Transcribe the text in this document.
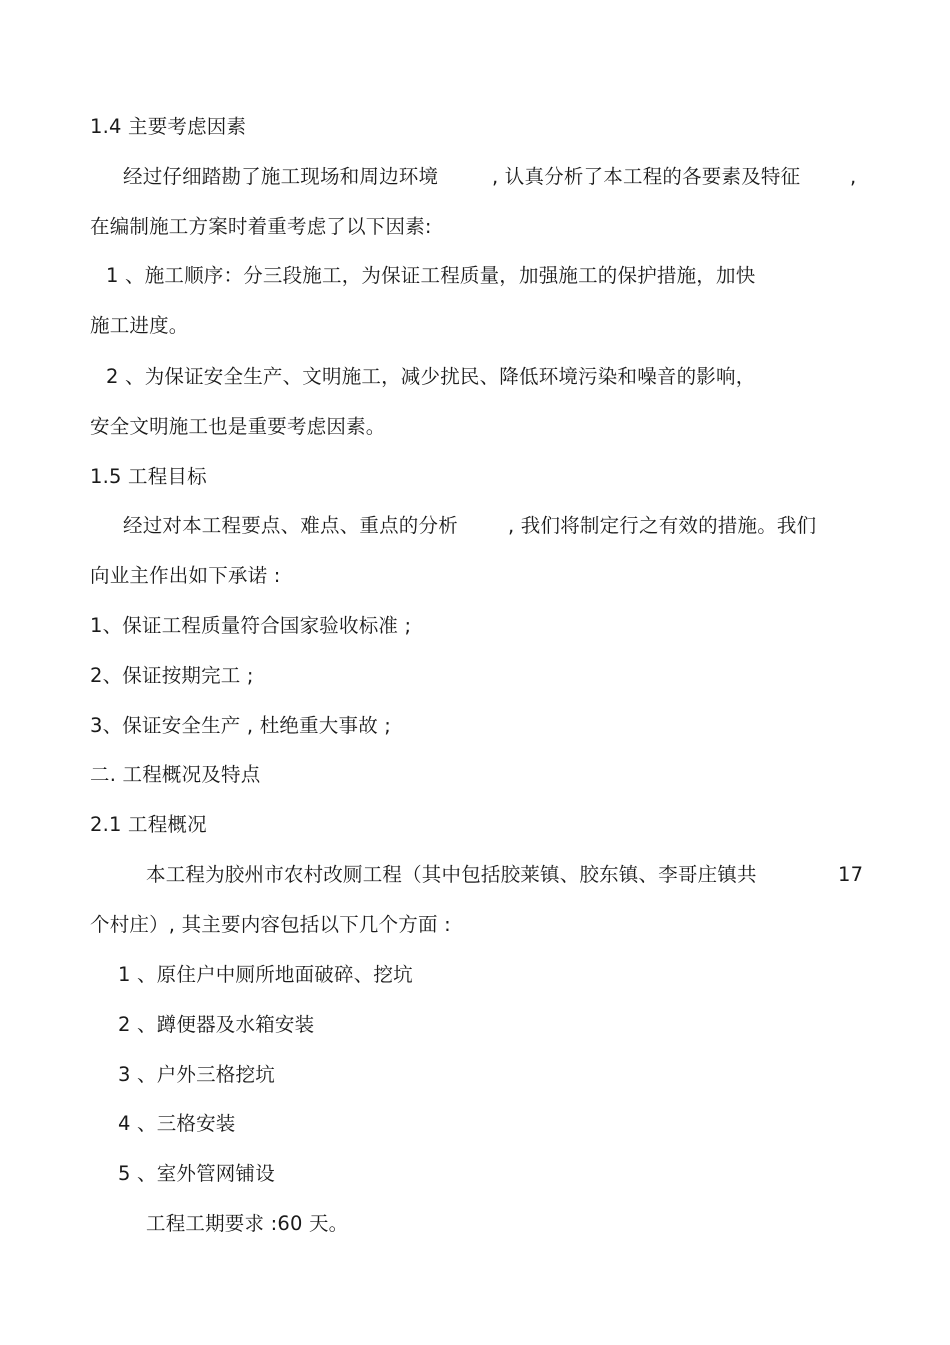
1.4 主要考虑因素
经过仔细踏勘了施工现场和周边环境	, 认真分析了本工程的各要素及特征	,
在编制施工方案时着重考虑了以下因素:
1 、施工顺序：分三段施工，为保证工程质量，加强施工的保护措施，加快
施工进度。
2 、为保证安全生产、文明施工，减少扰民、降低环境污染和噪音的影响，
安全文明施工也是重要考虑因素。
1.5 工程目标
经过对本工程要点、难点、重点的分析	, 我们将制定行之有效的措施。我们
向业主作出如下承诺 :
1、保证工程质量符合国家验收标准 ;
2、保证按期完工 ;
3、保证安全生产 , 杜绝重大事故 ;
二. 工程概况及特点
2.1 工程概况
本工程为胶州市农村改厕工程（其中包括胶莱镇、胶东镇、李哥庄镇共	17
个村庄）, 其主要内容包括以下几个方面 :
1 、原住户中厕所地面破碎、挖坑
2 、蹲便器及水箱安装
3 、户外三格挖坑
4 、三格安装
5 、室外管网铺设
工程工期要求 :60 天。
